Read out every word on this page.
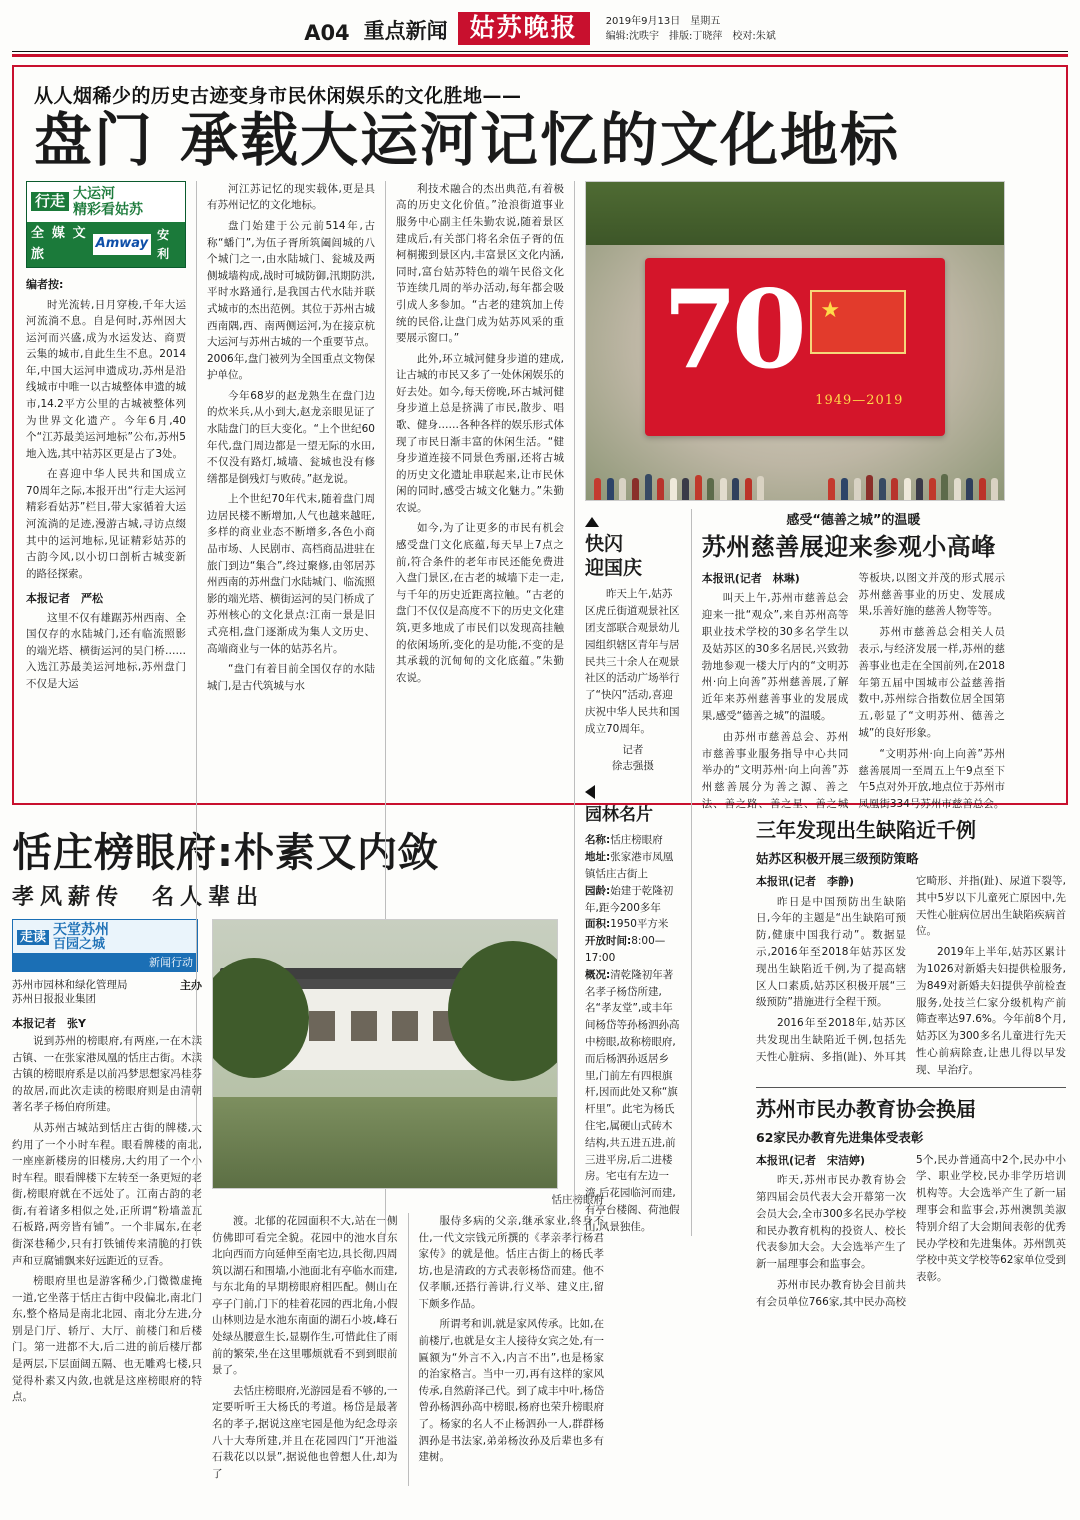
A04 重点新闻 姑苏晚报	2019年9月13日　星期五
编辑:沈昳宇　排版:丁晓萍　校对:朱斌
从人烟稀少的历史古迹变身市民休闲娱乐的文化胜地——
盘门 承载大运河记忆的文化地标
行走 大运河
精彩看姑苏
全媒文旅
Amway
安利
编者按:

时光流转,日月穿梭,千年大运河流淌不息。自是何时,苏州因大运河而兴盛,成为水运发达、商贾云集的城市,自此生生不息。2014年,中国大运河申遗成功,苏州是沿线城市中唯一以古城整体申遗的城市,14.2平方公里的古城被整体列为世界文化遗产。今年6月,40个“江苏最美运河地标”公布,苏州5地入选,其中祜苏区更是占了3处。

在喜迎中华人民共和国成立70周年之际,本报开出“行走大运河 精彩看姑苏”栏目,带大家循着大运河流淌的足迹,漫游古城,寻访点缀其中的运河地标,见证精彩姑苏的古韵今风,以小切口剖析古城变新的路径探索。

本报记者　严松

这里不仅有雄踞苏州西南、全国仅存的水陆城门,还有临流照影的端光塔、横街运河的吴门桥……入选江苏最美运河地标,苏州盘门不仅是大运

河江苏记忆的现实载体,更是具有苏州记忆的文化地标。

盘门始建于公元前514年,古称“蟠门”,为伍子胥所筑阖闾城的八个城门之一,由水陆城门、瓮城及两侧城墙构成,战时可城防御,汛期防洪,平时水路通行,是我国古代水陆并联式城市的杰出范例。其位于苏州古城西南隅,西、南两侧运河,为在接京杭大运河与苏州古城的一个重要节点。2006年,盘门被列为全国重点文物保护单位。

今年68岁的赵龙熟生在盘门边的炊米兵,从小到大,赵龙亲眼见证了水陆盘门的巨大变化。“上个世纪60年代,盘门周边都是一望无际的水田,不仅没有路灯,城墙、瓮城也没有修缮都是倒残灯与败砖。”赵龙说。

上个世纪70年代末,随着盘门周边居民楼不断增加,人气也越来越旺,多样的商业业态不断增多,各色小商品市场、人民剧市、高档商品进驻在旅门到边“集合”,终过聚修,由邻居苏州西南的苏州盘门水陆城门、临流照影的端光塔、横街运河的吴门桥成了苏州核心的文化景点:江南一景是旧式亮相,盘门逐渐成为集人文历史、高端商业与一体的姑苏名片。

“盘门有着目前全国仅存的水陆城门,是古代筑城与水

利技术融合的杰出典范,有着极高的历史文化价值。”沧浪街道事业服务中心副主任朱勤农说,随着景区建成后,有关部门将名余伍子胥的伍柯桐搬到景区内,丰富景区文化内涵,同时,富台姑苏特色的端午民俗文化节连续几周的举办活动,每年都会吸引成人多参加。“古老的建筑加上传统的民俗,让盘门成为姑苏风采的重要展示窗口。”

此外,环立城河健身步道的建成,让古城的市民又多了一处休闲娱乐的好去处。如今,每天傍晚,环古城河健身步道上总是挤满了市民,散步、唱歌、健身……各种各样的娱乐形式体现了市民日渐丰富的休闲生活。“健身步道连接不同景色秀丽,还将古城的历史文化遗址串联起来,让市民休闲的同时,感受古城文化魅力。”朱勤农说。

如今,为了让更多的市民有机会感受盘门文化底蕴,每天早上7点之前,符合条件的老年市民还能免费进入盘门景区,在古老的城墙下走一走,与千年的历史近距离拉触。“古老的盘门不仅仅是高度不下的历史文化建筑,更多地成了市民们以发现高挂触的依闲场所,变化的是功能,不变的是其承载的沉甸甸的文化底蕴。”朱勤农说。

70 ★
1949—2019
快闪
迎国庆

昨天上午,姑苏区虎丘街道观景社区团支部联合观景幼儿园组织辖区青年与居民共三十余人在观景社区的活动广场举行了“快闪”活动,喜迎庆祝中华人民共和国成立70周年。

记者
徐志强摄
园林名片
名称:恬庄榜眼府
地址:张家港市凤凰镇恬庄古街上
园龄:始建于乾隆初年,距今200多年
面积:1950平方米
开放时间:8:00—17:00
概况:清乾隆初年著名孝子杨岱所建,名“孝友堂”,或丰年间杨岱等孙杨泗孙高中榜眼,故称榜眼府,而后杨泗孙返居乡里,门前左有四根旗杆,因而此处又称“旗杆里”。此宅为杨氏住宅,属硬山式砖木结构,共五进五进,前三进平房,后二进楼房。宅屯有左边一湾,后花园临河而建,有亭台楼阁、荷池假山,风景独佳。
感受“德善之城”的温暖
苏州慈善展迎来参观小高峰
本报讯(记者　林琳)

叫天上午,苏州市慈善总会迎来一批“观众”,来自苏州高等职业技术学校的30多名学生以及姑苏区的30多名居民,兴致勃勃地参观一楼大厅内的“文明苏州·向上向善”苏州慈善展,了解近年来苏州慈善事业的发展成果,感受“德善之城”的温暖。

由苏州市慈善总会、苏州市慈善事业服务指导中心共同举办的“文明苏州·向上向善”苏州慈善展分为善之源、善之法、善之路、善之星、善之城等板块,以图文并茂的形式展示苏州慈善事业的历史、发展成果,乐善好施的慈善人物等等。

苏州市慈善总会相关人员表示,与经济发展一样,苏州的慈善事业也走在全国前列,在2018年第五届中国城市公益慈善指数中,苏州综合指数位居全国第五,彰显了“文明苏州、德善之城”的良好形象。

“文明苏州·向上向善”苏州慈善展周一至周五上午9点至下午5点对外开放,地点位于苏州市凤凰街334号苏州市慈善总会。

恬庄榜眼府:朴素又内敛
孝风薪传　名人辈出
走读 天堂苏州
百园之城
新闻行动
主办
苏州市园林和绿化管理局
苏州日报报业集团
本报记者　张Y

说到苏州的榜眼府,有两座,一在木渎古镇、一在张家港凤凰的恬庄古街。木渎古镇的榜眼府系是以前冯梦思想家冯桂芬的故居,而此次走读的榜眼府则是由清朝著名孝子杨伯府所建。

从苏州古城站到恬庄古街的牌楼,大约用了一个小时车程。眼看牌楼的南北,一座座新楼房的旧楼房,大约用了一个小时车程。眼看牌楼下左转至一条更短的老街,榜眼府就在不远处了。江南古韵的老街,有着诸多相似之处,正所谓“粉墙盖瓦石板路,两旁皆有铺”。一个非属东,在老街深巷稀少,只有打铁铺传来清脆的打铁声和豆腐铺飘来好远距近的豆香。

榜眼府里也是游客稀少,门微微虚掩一道,它坐落于恬庄古街中段偏北,南北门东,整个格局是南北北园、南北分左进,分别是门厅、轿厅、大厅、前楼门和后楼门。第一进都不大,后二进的前后楼厅都是两层,下层面阔五隔、也无雕鸡七楼,只觉得朴素又内敛,也就是这座榜眼府的特点。

恬庄榜眼府

渡。北郁的花园面积不大,站在一侧仿佛即可看完全貌。花园中的池水自东北向西而方向延伸至南宅边,具长彻,四周筑以湖石和围墙,小池面北有亭临水而建,与东北角的早期榜眼府相匹配。侧山在亭子门前,门下的桂着花园的西北角,小假山林则边是水池东南面的湖石小坡,峰石处绿丛腰意生长,显剔作生,可惜此住了雨前的繁荣,坐在这里哪烦就看不到到眼前景了。

去恬庄榜眼府,光游园是看不够的,一定要听听王大杨氏的考道。杨岱是最著名的孝子,据说这座宅园是他为纪念母亲八十大寿所建,并且在花园四门“开池溢石栽花以以景”,据说他也曾想人仕,却为了

服侍多病的父亲,继承家业,终身不仕,一代文宗钱元所撰的《孝亲孝行杨君家传》的就是他。恬庄古街上的杨氏孝坊,也是清政的方式表彰杨岱而建。他不仅孝顺,还搭行善讲,行义举、建义庄,留下颇多作品。

所谓考和训,就是家风传承。比如,在前楼厅,也就是女主人接待女宾之处,有一匾额为“外言不入,内言不出”,也是杨家的治家格言。当中一刃,再有这样的家风传承,自然蔚泽己代。到了咸丰中叶,杨岱曾孙杨泗孙高中榜眼,杨府也荣升榜眼府了。杨家的名人不止杨泗孙一人,群群杨泗孙是书法家,弟弟杨汝孙及后辈也多有建树。

三年发现出生缺陷近千例
姑苏区积极开展三级预防策略
本报讯(记者　李静)

昨日是中国预防出生缺陷日,今年的主题是“出生缺陷可预防,健康中国我行动”。数据显示,2016年至2018年姑苏区发现出生缺陷近千例,为了提高辖区人口素质,姑苏区积极开展“三级预防”措施进行全程干预。

2016年至2018年,姑苏区共发现出生缺陷近千例,包括先天性心脏病、多指(趾)、外耳其它畸形、并指(趾)、尿道下裂等,其中5岁以下儿童死亡原因中,先天性心脏病位居出生缺陷疾病首位。

2019年上半年,姑苏区累计为1026对新婚夫妇提供检服务,为849对新婚夫妇提供孕前检查服务,处技兰仁家分级机构产前筛查率达97.6%。今年前8个月,姑苏区为300多名儿童进行先天性心前病除查,让患儿得以早发现、早治疗。

苏州市民办教育协会换届
62家民办教育先进集体受表彰
本报讯(记者　宋洁婷)

昨天,苏州市民办教育协会第四届会员代表大会开幕第一次会员大会,全市300多名民办学校和民办教育机构的投资人、校长代表参加大会。大会选举产生了新一届理事会和监事会。

苏州市民办教育协会目前共有会员单位766家,其中民办高校5个,民办普通高中2个,民办中小学、职业学校,民办非学历培训机构等。大会选举产生了新一届理事会和监事会,苏州澳凯美淑特别介绍了大会期间表彰的优秀民办学校和先进集体。苏州凯英学校中英文学校等62家单位受到表彰。
